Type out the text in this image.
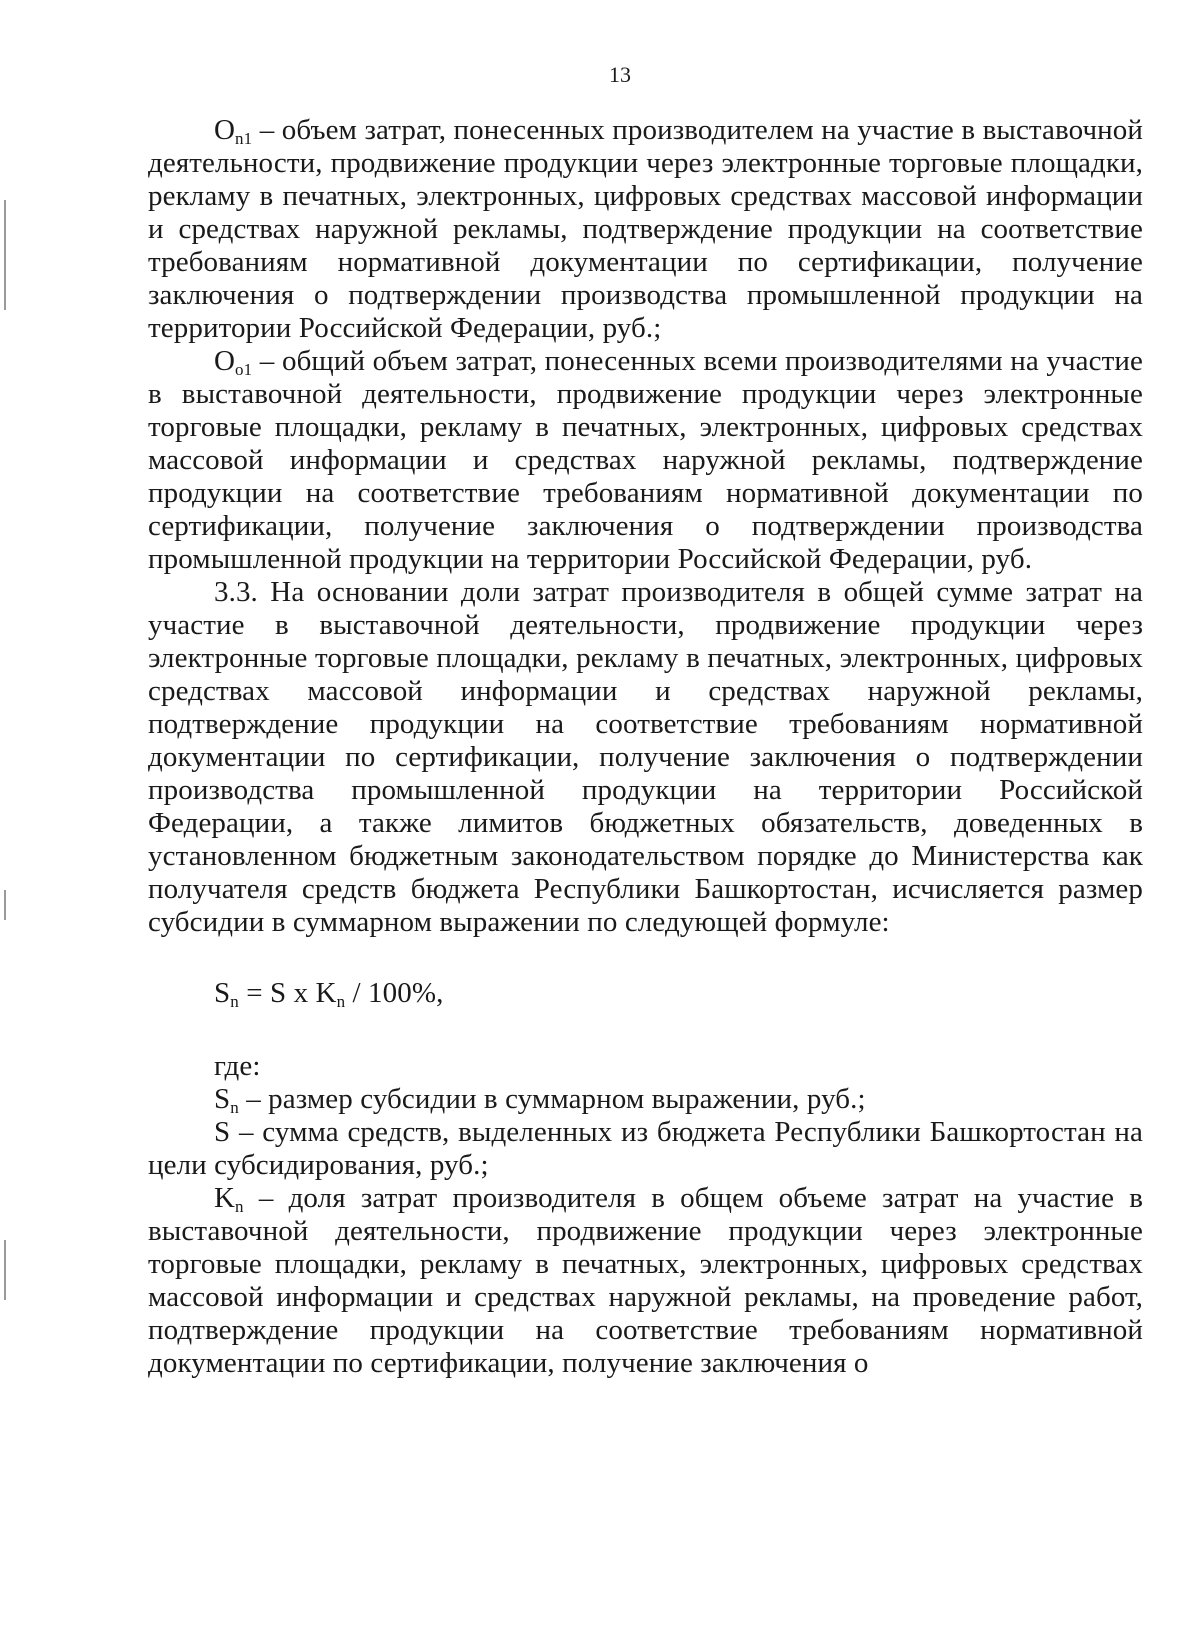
13

$O_{n1}$ – объем затрат, понесенных производителем на участие в выставочной деятельности, продвижение продукции через электронные торговые площадки, рекламу в печатных, электронных, цифровых средствах массовой информации и средствах наружной рекламы, подтверждение продукции на соответствие требованиям нормативной документации по сертификации, получение заключения о подтверждении производства промышленной продукции на территории Российской Федерации, руб.;

$O_{o1}$ – общий объем затрат, понесенных всеми производителями на участие в выставочной деятельности, продвижение продукции через электронные торговые площадки, рекламу в печатных, электронных, цифровых средствах массовой информации и средствах наружной рекламы, подтверждение продукции на соответствие требованиям нормативной документации по сертификации, получение заключения о подтверждении производства промышленной продукции на территории Российской Федерации, руб.

3.3. На основании доли затрат производителя в общей сумме затрат на участие в выставочной деятельности, продвижение продукции через электронные торговые площадки, рекламу в печатных, электронных, цифровых средствах массовой информации и средствах наружной рекламы, подтверждение продукции на соответствие требованиям нормативной документации по сертификации, получение заключения о подтверждении производства промышленной продукции на территории Российской Федерации, а также лимитов бюджетных обязательств, доведенных в установленном бюджетным законодательством порядке до Министерства как получателя средств бюджета Республики Башкортостан, исчисляется размер субсидии в суммарном выражении по следующей формуле:

$S_n = S$ x $K_n / 100\%$,

где:

$S_n$ – размер субсидии в суммарном выражении, руб.;

S – сумма средств, выделенных из бюджета Республики Башкортостан на цели субсидирования, руб.;

$K_n$ – доля затрат производителя в общем объеме затрат на участие в выставочной деятельности, продвижение продукции через электронные торговые площадки, рекламу в печатных, электронных, цифровых средствах массовой информации и средствах наружной рекламы, на проведение работ, подтверждение продукции на соответствие требованиям нормативной документации по сертификации, получение заключения о
